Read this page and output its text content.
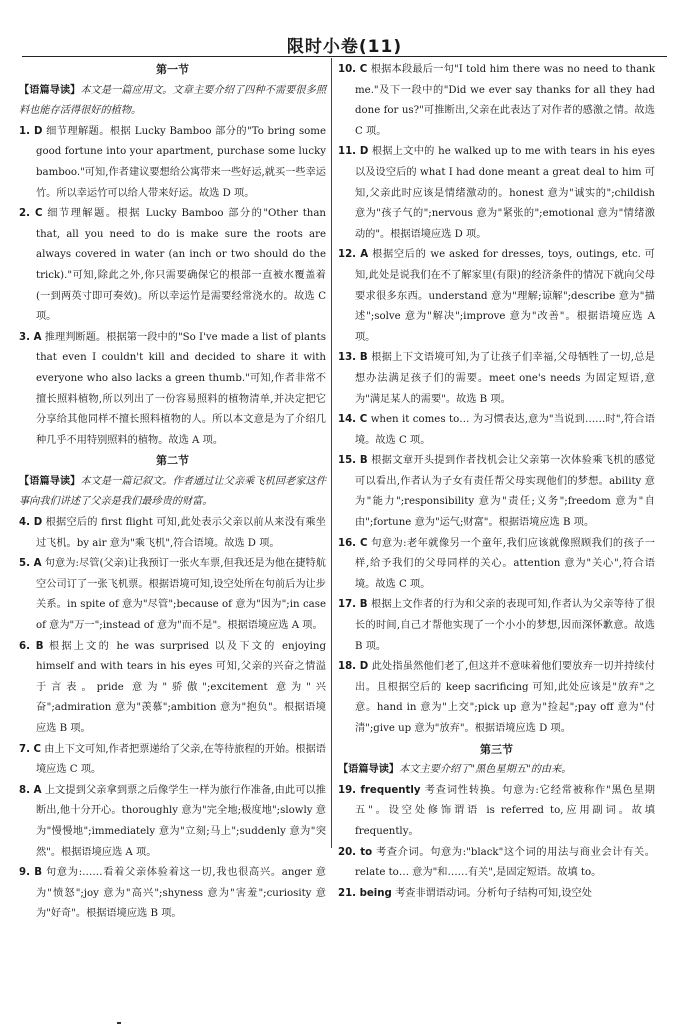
限时小卷(11)

第一节

【语篇导读】本文是一篇应用文。文章主要介绍了四种不需要很多照料也能存活得很好的植物。

1. D 细节理解题。根据 Lucky Bamboo 部分的"To bring some good fortune into your apartment, purchase some lucky bamboo."可知,作者建议要想给公寓带来一些好运,就买一些幸运竹。所以幸运竹可以给人带来好运。故选 D 项。

2. C 细节理解题。根据 Lucky Bamboo 部分的"Other than that, all you need to do is make sure the roots are always covered in water (an inch or two should do the trick)."可知,除此之外,你只需要确保它的根部一直被水覆盖着(一到两英寸即可奏效)。所以幸运竹是需要经常浇水的。故选 C 项。

3. A 推理判断题。根据第一段中的"So I've made a list of plants that even I couldn't kill and decided to share it with everyone who also lacks a green thumb."可知,作者非常不擅长照料植物,所以列出了一份容易照料的植物清单,并决定把它分享给其他同样不擅长照料植物的人。所以本文意是为了介绍几种几乎不用特别照料的植物。故选 A 项。

第二节

【语篇导读】本文是一篇记叙文。作者通过让父亲乘飞机回老家这件事向我们讲述了父亲是我们最珍贵的财富。

4. D 根据空后的 first flight 可知,此处表示父亲以前从来没有乘坐过飞机。by air 意为"乘飞机",符合语境。故选 D 项。

5. A 句意为:尽管(父亲)让我预订一张火车票,但我还是为他在捷特航空公司订了一张飞机票。根据语境可知,设空处所在句前后为让步关系。in spite of 意为"尽管";because of 意为"因为";in case of 意为"万一";instead of 意为"而不是"。根据语境应选 A 项。

6. B 根据上文的 he was surprised 以及下文的 enjoying himself and with tears in his eyes 可知,父亲的兴奋之情溢于言表。pride 意为"骄傲";excitement 意为"兴奋";admiration 意为"羡慕";ambition 意为"抱负"。根据语境应选 B 项。

7. C 由上下文可知,作者把票递给了父亲,在等待旅程的开始。根据语境应选 C 项。

8. A 上文提到父亲拿到票之后像学生一样为旅行作准备,由此可以推断出,他十分开心。thoroughly 意为"完全地;极度地";slowly 意为"慢慢地";immediately 意为"立刻;马上";suddenly 意为"突然"。根据语境应选 A 项。

9. B 句意为:……看着父亲体验着这一切,我也很高兴。anger 意为"愤怒";joy 意为"高兴";shyness 意为"害羞";curiosity 意为"好奇"。根据语境应选 B 项。

10. C 根据本段最后一句"I told him there was no need to thank me."及下一段中的"Did we ever say thanks for all they had done for us?"可推断出,父亲在此表达了对作者的感激之情。故选 C 项。

11. D 根据上文中的 he walked up to me with tears in his eyes 以及设空后的 what I had done meant a great deal to him 可知,父亲此时应该是情绪激动的。honest 意为"诚实的";childish 意为"孩子气的";nervous 意为"紧张的";emotional 意为"情绪激动的"。根据语境应选 D 项。

12. A 根据空后的 we asked for dresses, toys, outings, etc. 可知,此处是说我们在不了解家里(有限)的经济条件的情况下就向父母要求很多东西。understand 意为"理解;谅解";describe 意为"描述";solve 意为"解决";improve 意为"改善"。根据语境应选 A 项。

13. B 根据上下文语境可知,为了让孩子们幸福,父母牺牲了一切,总是想办法满足孩子们的需要。meet one's needs 为固定短语,意为"满足某人的需要"。故选 B 项。

14. C when it comes to… 为习惯表达,意为"当说到……时",符合语境。故选 C 项。

15. B 根据文章开头提到作者找机会让父亲第一次体验乘飞机的感觉可以看出,作者认为子女有责任帮父母实现他们的梦想。ability 意为"能力";responsibility 意为"责任;义务";freedom 意为"自由";fortune 意为"运气;财富"。根据语境应选 B 项。

16. C 句意为:老年就像另一个童年,我们应该就像照顾我们的孩子一样,给予我们的父母同样的关心。attention 意为"关心",符合语境。故选 C 项。

17. B 根据上文作者的行为和父亲的表现可知,作者认为父亲等待了很长的时间,自己才帮他实现了一个小小的梦想,因而深怀歉意。故选 B 项。

18. D 此处指虽然他们老了,但这并不意味着他们要放弃一切并持续付出。且根据空后的 keep sacrificing 可知,此处应该是"放弃"之意。hand in 意为"上交";pick up 意为"捡起";pay off 意为"付清";give up 意为"放弃"。根据语境应选 D 项。

第三节

【语篇导读】本文主要介绍了"黑色星期五"的由来。

19. frequently 考查词性转换。句意为:它经常被称作"黑色星期五"。设空处修饰谓语 is referred to,应用副词。故填 frequently。

20. to 考查介词。句意为:"black"这个词的用法与商业会计有关。relate to… 意为"和……有关",是固定短语。故填 to。

21. being 考查非谓语动词。分析句子结构可知,设空处
